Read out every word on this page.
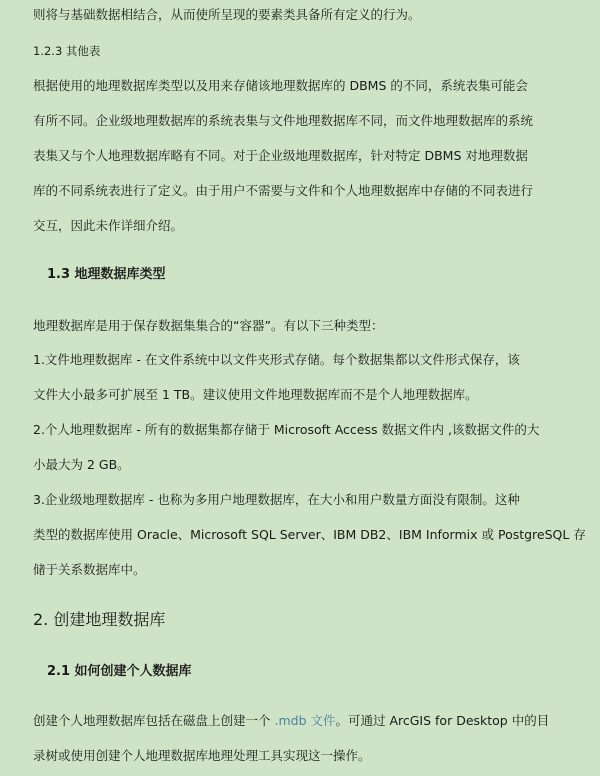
则将与基础数据相结合，从而使所呈现的要素类具备所有定义的行为。
1.2.3 其他表
根据使用的地理数据库类型以及用来存储该地理数据库的 DBMS 的不同，系统表集可能会
有所不同。企业级地理数据库的系统表集与文件地理数据库不同，而文件地理数据库的系统
表集又与个人地理数据库略有不同。对于企业级地理数据库，针对特定 DBMS 对地理数据
库的不同系统表进行了定义。由于用户不需要与文件和个人地理数据库中存储的不同表进行
交互，因此未作详细介绍。
1.3 地理数据库类型
地理数据库是用于保存数据集集合的“容器”。有以下三种类型：
1.文件地理数据库 - 在文件系统中以文件夹形式存储。每个数据集都以文件形式保存，该
文件大小最多可扩展至 1 TB。建议使用文件地理数据库而不是个人地理数据库。
2.个人地理数据库 - 所有的数据集都存储于 Microsoft Access 数据文件内 ,该数据文件的大
小最大为 2 GB。
3.企业级地理数据库 - 也称为多用户地理数据库，在大小和用户数量方面没有限制。这种
类型的数据库使用 Oracle、Microsoft SQL Server、IBM DB2、IBM Informix 或 PostgreSQL 存
储于关系数据库中。
2. 创建地理数据库
2.1 如何创建个人数据库
创建个人地理数据库包括在磁盘上创建一个 .mdb 文件。可通过 ArcGIS for Desktop 中的目
录树或使用创建个人地理数据库地理处理工具实现这一操作。
